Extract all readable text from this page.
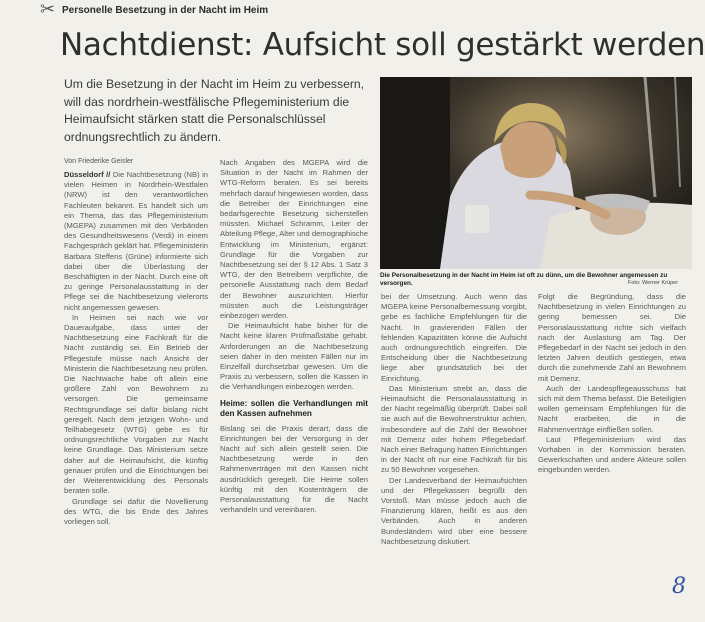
✂ Personelle Besetzung in der Nacht im Heim
Nachtdienst: Aufsicht soll gestärkt werden
Um die Besetzung in der Nacht im Heim zu verbessern, will das nordrhein-westfälische Pflegeministerium die Heimaufsicht stärken statt die Personalschlüssel ordnungsrechtlich zu ändern.
Von Friederike Geisler
Die Personalbesetzung in der Nacht im Heim ist oft zu dünn, um die Bewohner angemessen zu versorgen.	Foto: Werner Krüper

Düsseldorf // Die Nachtbesetzung (NB) in vielen Heimen in Nordrhein-Westfalen (NRW) ist den verantwortlichen Fachleuten bekannt. Es handelt sich um ein Thema, das das Pflegeministerium (MGEPA) zusammen mit den Verbänden des Gesundheitswesens (Verdi) in einem Fachgespräch geklärt hat. Pflegeministerin Barbara Steffens (Grüne) informierte sich dabei über die Überlastung der Beschäftigten in der Nacht. Durch eine oft zu geringe Personalausstattung in der Pflege sei die Nachtbesetzung vielerorts nicht angemessen gewesen.

In Heimen sei nach wie vor Daueraufgabe, dass unter der Nachtbesetzung eine Fachkraft für die Nacht zuständig sei. Ein Betrieb der Pflegestufe müsse nach Ansicht der Ministerin die Nachtbesetzung neu prüfen. Die Nachtwache habe oft allein eine größere Zahl von Bewohnern zu versorgen. Die gemeinsame Rechtsgrundlage sei dafür bislang nicht geregelt. Nach dem jetzigen Wohn- und Teilhabegesetz (WTG) gebe es für ordnungsrechtliche Vorgaben zur Nacht keine Grundlage. Das Ministerium setze daher auf die Heimaufsicht, die künftig genauer prüfen und die Einrichtungen bei der Weiterentwicklung des Personals beraten solle.

Grundlage sei dafür die Novellierung des WTG, die bis Ende des Jahres vorliegen soll.

Nach Angaben des MGEPA wird die Situation in der Nacht im Rahmen der WTG-Reform beraten. Es sei bereits mehrfach darauf hingewiesen worden, dass die Betreiber der Einrichtungen eine bedarfsgerechte Besetzung sicherstellen müssten. Michael Schramm, Leiter der Abteilung Pflege, Alter und demographische Entwicklung im Ministerium, ergänzt: Grundlage für die Vorgaben zur Nachtbesetzung sei der § 12 Abs. 1 Satz 3 WTG, der den Betreibern verpflichte, die personelle Ausstattung nach dem Bedarf der Bewohner auszurichten. Hierfür müssten auch die Leistungsträger einbezogen werden.

Die Heimaufsicht habe bisher für die Nacht keine klaren Prüfmaßstäbe gehabt. Anforderungen an die Nachtbesetzung seien daher in den meisten Fällen nur im Einzelfall durchsetzbar gewesen. Um die Praxis zu verbessern, sollen die Kassen in die Verhandlungen einbezogen werden.

Heime: sollen die Verhandlungen mit den Kassen aufnehmen

Bislang sei die Praxis derart, dass die Einrichtungen bei der Versorgung in der Nacht auf sich allein gestellt seien. Die Nachtbesetzung werde in den Rahmenverträgen mit den Kassen nicht ausdrücklich geregelt. Die Heime sollen künftig mit den Kostenträgern die Personalausstattung für die Nacht verhandeln und vereinbaren.

bei der Umsetzung. Auch wenn das MGEPA keine Personalbemessung vorgibt, gebe es fachliche Empfehlungen für die Nacht. In gravierenden Fällen der fehlenden Kapazitäten könne die Aufsicht auch ordnungsrechtlich eingreifen. Die Entscheidung über die Nachtbesetzung liege aber grundsätzlich bei der Einrichtung.

Das Ministerium strebt an, dass die Heimaufsicht die Personalausstattung in der Nacht regelmäßig überprüft. Dabei soll sie auch auf die Bewohnerstruktur achten, insbesondere auf die Zahl der Bewohner mit Demenz oder hohem Pflegebedarf. Nach einer Befragung hatten Einrichtungen in der Nacht oft nur eine Fachkraft für bis zu 50 Bewohner vorgesehen.

Der Landesverband der Heimaufsichten und der Pflegekassen begrüßt den Vorstoß. Man müsse jedoch auch die Finanzierung klären, heißt es aus den Verbänden. Auch in anderen Bundesländern wird über eine bessere Nachtbesetzung diskutiert.

Folgt die Begründung, dass die Nachtbesetzung in vielen Einrichtungen zu gering bemessen sei. Die Personalausstattung richte sich vielfach nach der Auslastung am Tag. Der Pflegebedarf in der Nacht sei jedoch in den letzten Jahren deutlich gestiegen, etwa durch die zunehmende Zahl an Bewohnern mit Demenz.

Auch der Landespflegeausschuss hat sich mit dem Thema befasst. Die Beteiligten wollen gemeinsam Empfehlungen für die Nacht erarbeiten, die in die Rahmenverträge einfließen sollen.

Laut Pflegeministerium wird das Vorhaben in der Kommission beraten. Gewerkschaften und andere Akteure sollen eingebunden werden.

8
